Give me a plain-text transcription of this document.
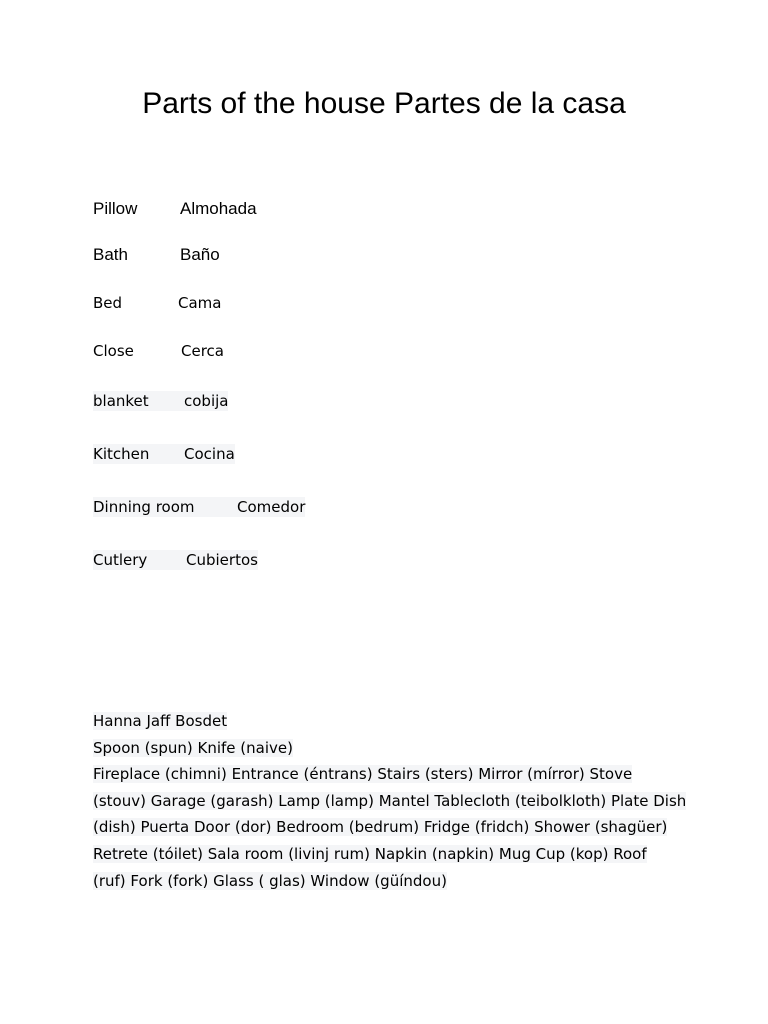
Parts of the house Partes de la casa
Pillow	Almohada
Bath	Baño
Bed	Cama
Close	Cerca
blanket cobija
Kitchen Cocina
Dinning room	Comedor
Cutlery	Cubiertos
Hanna Jaff Bosdet
Spoon (spun) Knife (naive)
Fireplace (chimni) Entrance (éntrans) Stairs (sters) Mirror (mírror) Stove
(stouv) Garage (garash) Lamp (lamp) Mantel Tablecloth (teibolkloth) Plate Dish
(dish) Puerta Door (dor) Bedroom (bedrum) Fridge (fridch) Shower (shagüer)
Retrete (tóilet) Sala room (livinj rum) Napkin (napkin) Mug Cup (kop) Roof
(ruf) Fork (fork) Glass ( glas) Window (güíndou)
